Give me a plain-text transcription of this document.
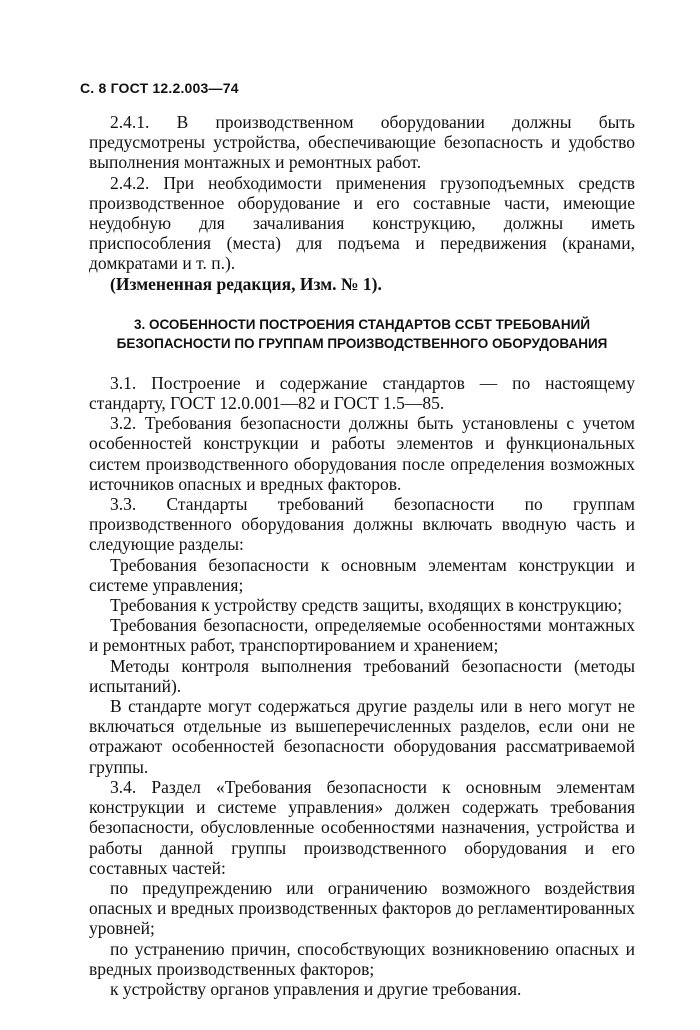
С. 8 ГОСТ 12.2.003—74

2.4.1. В производственном оборудовании должны быть предусмотрены устройства, обеспечивающие безопасность и удобство выполнения монтажных и ремонтных работ.

2.4.2. При необходимости применения грузоподъемных средств производственное оборудование и его составные части, имеющие неудобную для зачаливания конструкцию, должны иметь приспособления (места) для подъема и передвижения (кранами, домкратами и т. п.).

(Измененная редакция, Изм. № 1).

3. ОСОБЕННОСТИ ПОСТРОЕНИЯ СТАНДАРТОВ ССБТ ТРЕБОВАНИЙ БЕЗОПАСНОСТИ ПО ГРУППАМ ПРОИЗВОДСТВЕННОГО ОБОРУДОВАНИЯ

3.1. Построение и содержание стандартов — по настоящему стандарту, ГОСТ 12.0.001—82 и ГОСТ 1.5—85.

3.2. Требования безопасности должны быть установлены с учетом особенностей конструкции и работы элементов и функциональных систем производственного оборудования после определения возможных источников опасных и вредных факторов.

3.3. Стандарты требований безопасности по группам производственного оборудования должны включать вводную часть и следующие разделы:

Требования безопасности к основным элементам конструкции и системе управления;

Требования к устройству средств защиты, входящих в конструкцию;

Требования безопасности, определяемые особенностями монтажных и ремонтных работ, транспортированием и хранением;

Методы контроля выполнения требований безопасности (методы испытаний).

В стандарте могут содержаться другие разделы или в него могут не включаться отдельные из вышеперечисленных разделов, если они не отражают особенностей безопасности оборудования рассматриваемой группы.

3.4. Раздел «Требования безопасности к основным элементам конструкции и системе управления» должен содержать требования безопасности, обусловленные особенностями назначения, устройства и работы данной группы производственного оборудования и его составных частей:

по предупреждению или ограничению возможного воздействия опасных и вредных производственных факторов до регламентированных уровней;

по устранению причин, способствующих возникновению опасных и вредных производственных факторов;

к устройству органов управления и другие требования.
